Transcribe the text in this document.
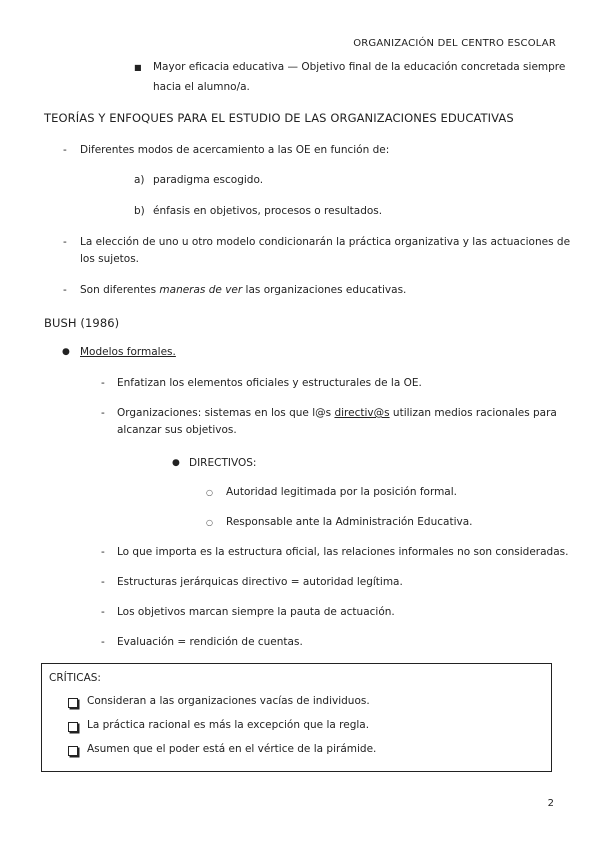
ORGANIZACIÓN DEL CENTRO ESCOLAR
■ Mayor eficacia educativa — Objetivo final de la educación concretada siempre
hacia el alumno/a.
TEORÍAS Y ENFOQUES PARA EL ESTUDIO DE LAS ORGANIZACIONES EDUCATIVAS
- Diferentes modos de acercamiento a las OE en función de:
a) paradigma escogido.
b) énfasis en objetivos, procesos o resultados.
- La elección de uno u otro modelo condicionarán la práctica organizativa y las actuaciones de
los sujetos.
- Son diferentes maneras de ver las organizaciones educativas.
BUSH (1986)
● Modelos formales.
- Enfatizan los elementos oficiales y estructurales de la OE.
- Organizaciones: sistemas en los que l@s directiv@s utilizan medios racionales para
alcanzar sus objetivos.
● DIRECTIVOS:
○ Autoridad legitimada por la posición formal.
○ Responsable ante la Administración Educativa.
- Lo que importa es la estructura oficial, las relaciones informales no son consideradas.
- Estructuras jerárquicas directivo = autoridad legítima.
- Los objetivos marcan siempre la pauta de actuación.
- Evaluación = rendición de cuentas.
CRÍTICAS:
Consideran a las organizaciones vacías de individuos.
La práctica racional es más la excepción que la regla.
Asumen que el poder está en el vértice de la pirámide.
2
